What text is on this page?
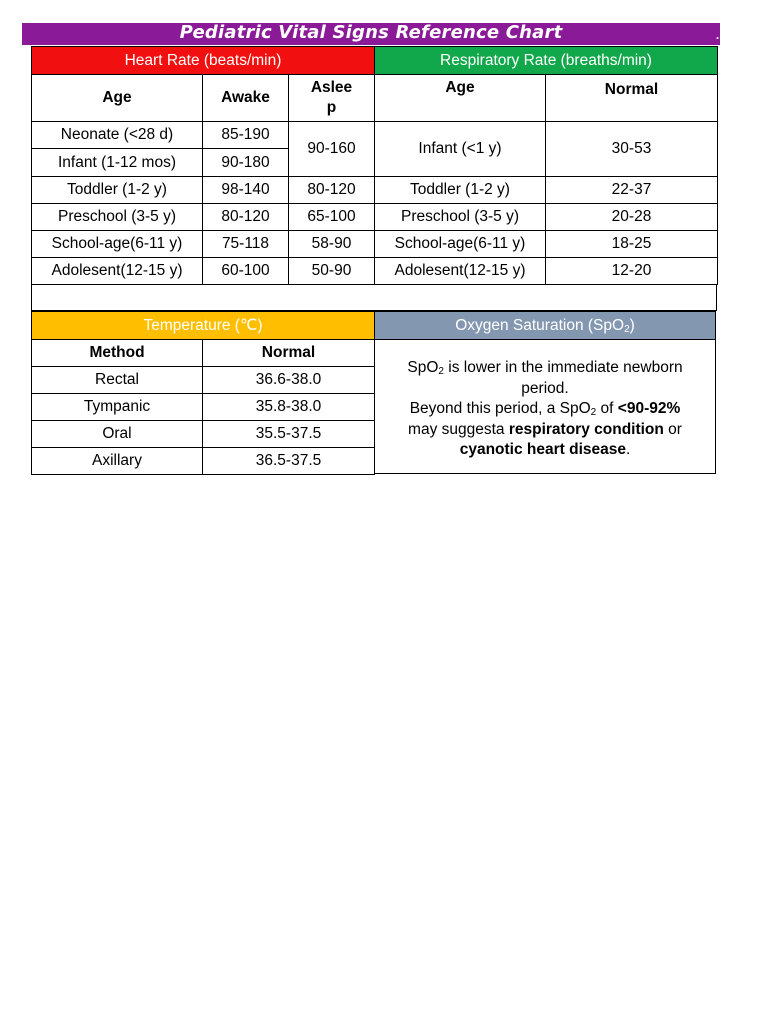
Pediatric Vital Signs Reference Chart	.
Heart Rate (beats/min)		
Age	Awake	Aslee
p
Neonate (<28 d)	85-190	90-160
Infant (1-12 mos)	90-180	
Toddler (1-2 y)	98-140	80-120
Preschool (3-5 y)	80-120	65-100
School-age(6-11 y)	75-118	58-90
Adolesent(12-15 y)	60-100	50-90
Respiratory Rate (breaths/min)	
Age	Normal
Infant (<1 y)	30-53
Toddler (1-2 y)	22-37
Preschool (3-5 y)	20-28
School-age(6-11 y)	18-25
Adolesent(12-15 y)	12-20
Temperature (℃)	
Method	Normal
Rectal	36.6-38.0
Tympanic	35.8-38.0
Oral	35.5-37.5
Axillary	36.5-37.5
Oxygen Saturation (SpO$_2$)
SpO$_2$ is lower in the immediate newborn period.
Beyond this period, a SpO$_2$ of <90-92%
may suggesta respiratory condition or
cyanotic heart disease.
